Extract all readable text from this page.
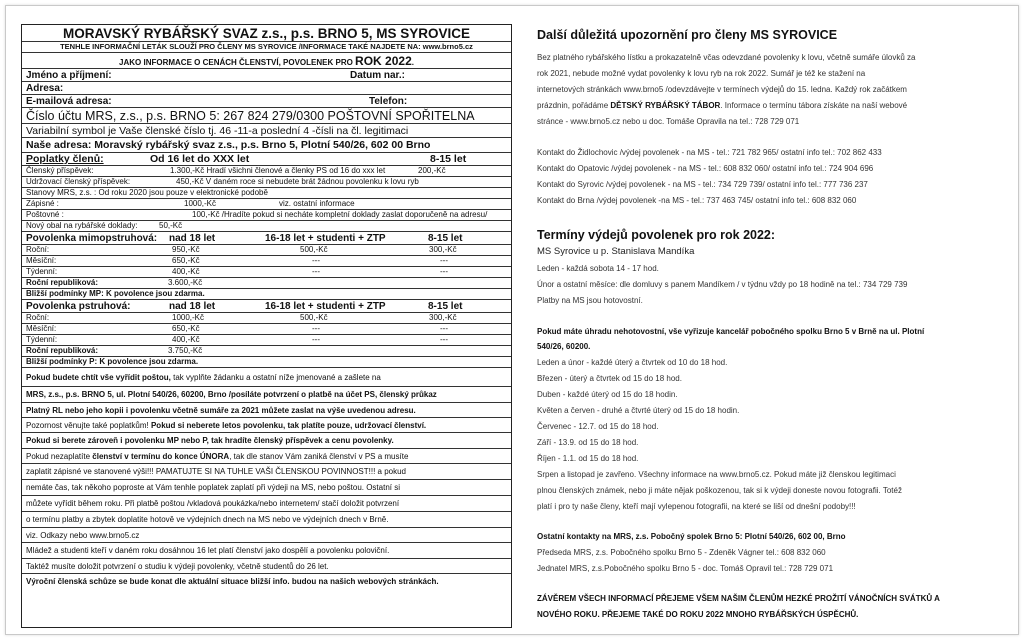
MORAVSKÝ RYBÁŘSKÝ SVAZ z.s., p.s. BRNO 5, MS SYROVICE
TENHLE INFORMAČNÍ LETÁK SLOUŽÍ PRO ČLENY MS SYROVICE /INFORMACE TAKÉ NAJDETE NA: www.brno5.cz
JAKO INFORMACE O CENÁCH ČLENSTVÍ, POVOLENEK PRO ROK 2022.
Jméno a příjmení:	Datum nar.:
Adresa:
E-mailová adresa:	Telefon:
Číslo účtu MRS, z.s., p.s. BRNO 5: 267 824 279/0300 POŠTOVNÍ SPOŘITELNA
Variabilní symbol je Vaše členské číslo tj. 46 -11-a poslední 4 -čísli na čl. legitimaci
Naše adresa: Moravský rybářský svaz z.s., p.s. Brno 5, Plotní 540/26, 602 00 Brno
Poplatky členů:	Od 16 let do XXX let	8-15 let
Členský příspěvek:	1.300,-Kč Hradí všichni členové a členky PS od 16 do xxx let	200,-Kč
Udržovací členský příspěvek:	450,-Kč V daném roce si nebudete brát žádnou povolenku k lovu ryb
Stanovy MRS, z.s. : Od roku 2020 jsou pouze v elektronické podobě
Zápisné :	1000,-Kč	viz. ostatní informace
Poštovné :	100,-Kč /Hradíte pokud si necháte kompletní doklady zaslat doporučeně na adresu/
Nový obal na rybářské doklady:	50,-Kč
Povolenka mimopstruhová: nad 18 let	16-18 let + studenti + ZTP	8-15 let
Roční:	950,-Kč	500,-Kč	300,-Kč
Měsíční:	650,-Kč	---	---
Týdenní:	400,-Kč	---	---
Roční republiková:	3.600,-Kč
Bližší podmínky MP: K povolence jsou zdarma.
Povolenka pstruhová:	nad 18 let	16-18 let + studenti + ZTP	8-15 let
Roční:	1000,-Kč	500,-Kč	300,-Kč
Měsíční:	650,-Kč	---	---
Týdenní:	400,-Kč	---	---
Roční republiková:	3.750,-Kč
Bližší podmínky P: K povolence jsou zdarma.
Pokud budete chtít vše vyřídit poštou, tak vyplňte žádanku a ostatní níže jmenované a zašlete na
MRS, z.s., p.s. BRNO 5, ul. Plotní 540/26, 60200, Brno /posíláte potvrzení o platbě na účet PS, členský průkaz
Platný RL nebo jeho kopii i povolenku včetně sumáře za 2021 můžete zaslat na výše uvedenou adresu.
Pozornost věnujte také poplatkům! Pokud si neberete letos povolenku, tak platíte pouze, udržovací členství.
Pokud si berete zároveň i povolenku MP nebo P, tak hradíte členský příspěvek a cenu povolenky.
Pokud nezaplatíte členství v termínu do konce ÚNORA, tak dle stanov Vám zaniká členství v PS a musíte
zaplatit zápisné ve stanovené výši!!! PAMATUJTE SI NA TUHLE VAŠI ČLENSKOU POVINNOST!!! a pokud
nemáte čas, tak někoho poproste at Vám tenhle poplatek zaplatí při výdeji na MS, nebo poštou. Ostatní si
můžete vyřídit během roku. Při platbě poštou /vkladová poukázka/nebo internetem/ stačí doložit potvrzení
o termínu platby a zbytek doplatite hotově ve výdejních dnech na MS nebo ve výdejních dnech v Brně.
viz. Odkazy nebo www.brno5.cz
Mládež a studenti kteří v daném roku dosáhnou 16 let platí členství jako dospělí a povolenku poloviční.
Taktéž musíte doložit potvrzení o studiu k výdeji povolenky, včetně studentů do 26 let.
Výroční členská schůze se bude konat dle aktuální situace bližší info. budou na našich webových stránkách.
Další důležitá upozornění pro členy MS SYROVICE
Bez platného rybářského lístku a prokazatelně včas odevzdané povolenky k lovu, včetně sumáře úlovků za
rok 2021, nebude možné vydat povolenky k lovu ryb na rok 2022. Sumář je též ke stažení na
internetových stránkách www.brno5 /odevzdávejte v termínech výdejů do 15. ledna. Každý rok začátkem
prázdnin, pořádáme DĚTSKÝ RYBÁŘSKÝ TÁBOR. Informace o termínu tábora získáte na naší webové
stránce - www.brno5.cz nebo u doc. Tomáše Opravila na tel.: 728 729 071
Kontakt do Židlochovic /výdej povolenek - na MS - tel.: 721 782 965/ ostatní info tel.: 702 862 433
Kontakt do Opatovic /výdej povolenek - na MS - tel.: 608 832 060/ ostatní info tel.: 724 904 696
Kontakt do Syrovic /výdej povolenek - na MS - tel.: 734 729 739/ ostatní info tel.: 777 736 237
Kontakt do Brna /výdej povolenek -na MS - tel.: 737 463 745/ ostatní info tel.: 608 832 060
Termíny výdejů povolenek pro rok 2022:
MS Syrovice u p. Stanislava Mandíka
Leden - každá sobota 14 - 17 hod.
Únor a ostatní měsíce: dle domluvy s panem Mandíkem / v týdnu vždy po 18 hodině na tel.: 734 729 739
Platby na MS jsou hotovostní.
Pokud máte úhradu nehotovostní, vše vyřizuje kancelář pobočného spolku Brno 5 v Brně na ul. Plotní
540/26, 60200.
Leden a únor - každé úterý a čtvrtek od 10 do 18 hod.
Březen - úterý a čtvrtek od 15 do 18 hod.
Duben - každé úterý od 15 do 18 hodin.
Květen a červen - druhé a čtvrté úterý od 15 do 18 hodin.
Červenec - 12.7. od 15 do 18 hod.
Září - 13.9. od 15 do 18 hod.
Říjen - 1.1. od 15 do 18 hod.
Srpen a listopad je zavřeno. Všechny informace na www.brno5.cz. Pokud máte již členskou legitimaci
plnou členských známek, nebo ji máte nějak poškozenou, tak si k výdeji doneste novou fotografii. Totéž
platí i pro ty naše členy, kteří mají vylepenou fotografii, na které se liší od dnešní podoby!!!
Ostatní kontakty na MRS, z.s. Pobočný spolek Brno 5: Plotní 540/26, 602 00, Brno
Předseda MRS, z.s. Pobočného spolku Brno 5 - Zdeněk Vágner tel.: 608 832 060
Jednatel MRS, z.s.Pobočného spolku Brno 5 - doc. Tomáš Opravil tel.: 728 729 071
ZÁVĚREM VŠECH INFORMACÍ PŘEJEME VŠEM NAŠIM ČLENŮM HEZKÉ PROŽITÍ VÁNOČNÍCH SVÁTKŮ A
NOVÉHO ROKU. PŘEJEME TAKÉ DO ROKU 2022 MNOHO RYBÁŘSKÝCH ÚSPĚCHŮ.
